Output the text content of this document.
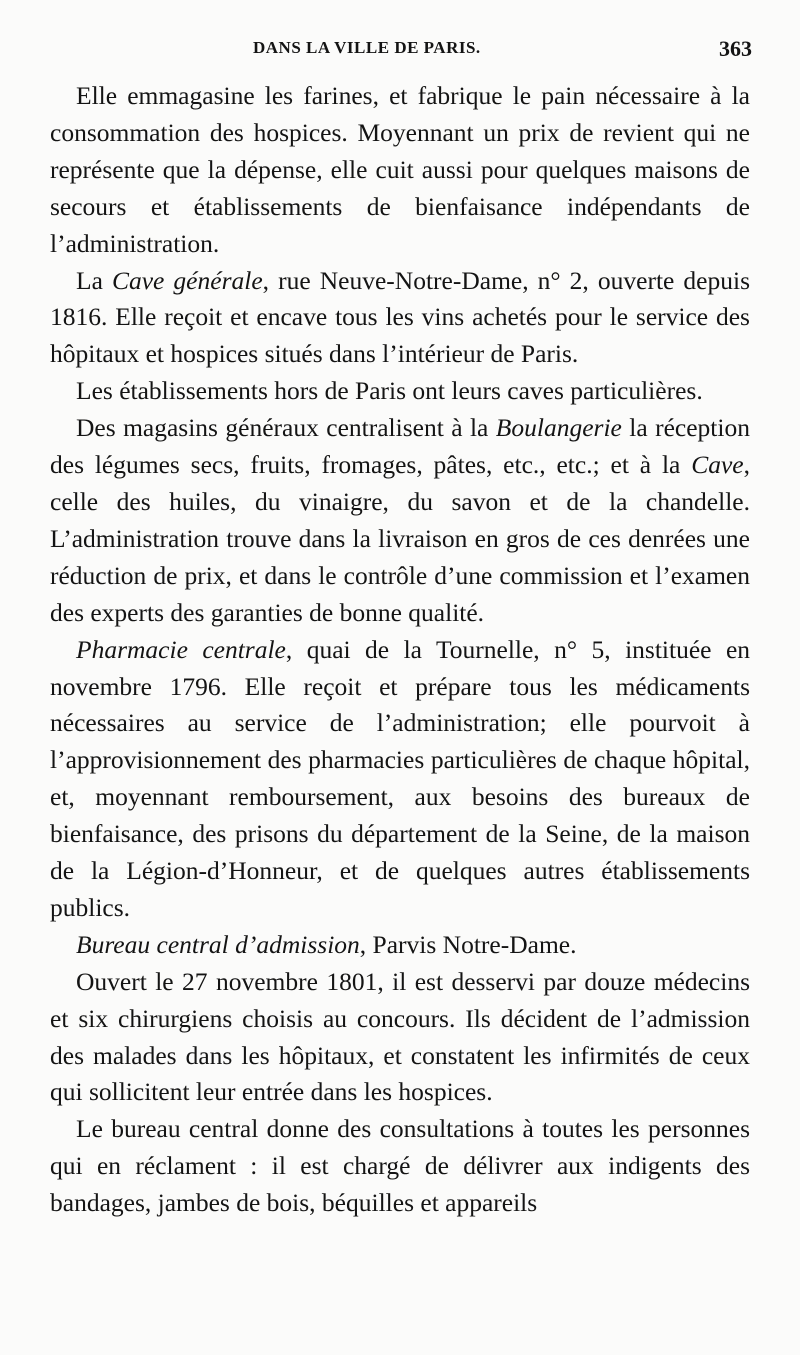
DANS LA VILLE DE PARIS.	363

Elle emmagasine les farines, et fabrique le pain nécessaire à la consommation des hospices. Moyennant un prix de revient qui ne représente que la dépense, elle cuit aussi pour quelques maisons de secours et établissements de bienfaisance indépendants de l’administration.

La Cave générale, rue Neuve-Notre-Dame, n° 2, ouverte depuis 1816. Elle reçoit et encave tous les vins achetés pour le service des hôpitaux et hospices situés dans l’intérieur de Paris.

Les établissements hors de Paris ont leurs caves particulières.

Des magasins généraux centralisent à la Boulangerie la réception des légumes secs, fruits, fromages, pâtes, etc., etc.; et à la Cave, celle des huiles, du vinaigre, du savon et de la chandelle. L’administration trouve dans la livraison en gros de ces denrées une réduction de prix, et dans le contrôle d’une commission et l’examen des experts des garanties de bonne qualité.

Pharmacie centrale, quai de la Tournelle, n° 5, instituée en novembre 1796. Elle reçoit et prépare tous les médicaments nécessaires au service de l’administration; elle pourvoit à l’approvisionnement des pharmacies particulières de chaque hôpital, et, moyennant remboursement, aux besoins des bureaux de bienfaisance, des prisons du département de la Seine, de la maison de la Légion-d’Honneur, et de quelques autres établissements publics.

Bureau central d’admission, Parvis Notre-Dame.

Ouvert le 27 novembre 1801, il est desservi par douze médecins et six chirurgiens choisis au concours. Ils décident de l’admission des malades dans les hôpitaux, et constatent les infirmités de ceux qui sollicitent leur entrée dans les hospices.

Le bureau central donne des consultations à toutes les personnes qui en réclament : il est chargé de délivrer aux indigents des bandages, jambes de bois, béquilles et appareils
